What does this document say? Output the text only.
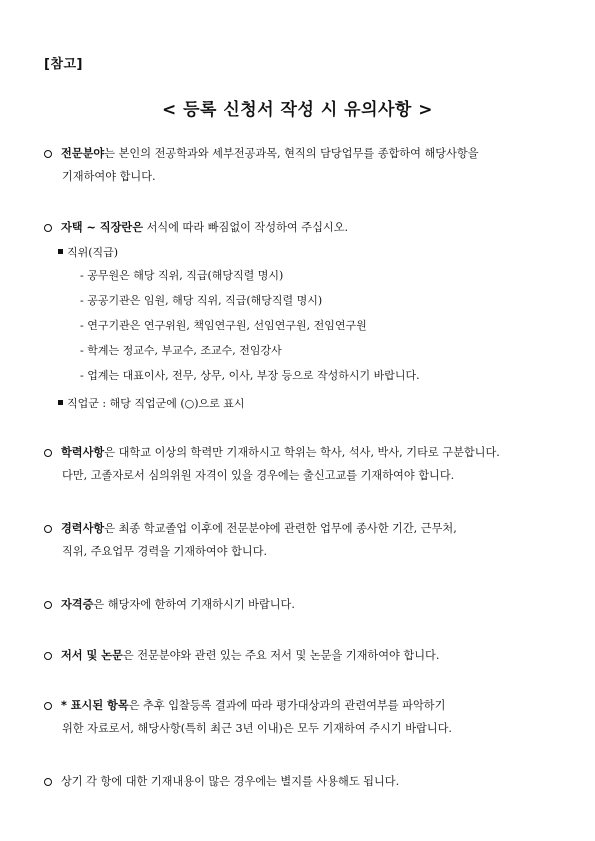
[참고]
< 등록 신청서 작성 시 유의사항 >
전문분야는 본인의 전공학과와 세부전공과목, 현직의 담당업무를 종합하여 해당사항을
기재하여야 합니다.
자택 ~ 직장란은 서식에 따라 빠짐없이 작성하여 주십시오.
직위(직급)
- 공무원은 해당 직위, 직급(해당직렬 명시)
- 공공기관은 임원, 해당 직위, 직급(해당직렬 명시)
- 연구기관은 연구위원, 책임연구원, 선임연구원, 전임연구원
- 학계는 정교수, 부교수, 조교수, 전임강사
- 업계는 대표이사, 전무, 상무, 이사, 부장 등으로 작성하시기 바랍니다.
직업군 : 해당 직업군에 (○)으로 표시
학력사항은 대학교 이상의 학력만 기재하시고 학위는 학사, 석사, 박사, 기타로 구분합니다.
다만, 고졸자로서 심의위원 자격이 있을 경우에는 출신고교를 기재하여야 합니다.
경력사항은 최종 학교졸업 이후에 전문분야에 관련한 업무에 종사한 기간, 근무처,
직위, 주요업무 경력을 기재하여야 합니다.
자격증은 해당자에 한하여 기재하시기 바랍니다.
저서 및 논문은 전문분야와 관련 있는 주요 저서 및 논문을 기재하여야 합니다.
* 표시된 항목은 추후 입찰등록 결과에 따라 평가대상과의 관련여부를 파악하기
위한 자료로서, 해당사항(특히 최근 3년 이내)은 모두 기재하여 주시기 바랍니다.
상기 각 항에 대한 기재내용이 많은 경우에는 별지를 사용해도 됩니다.
